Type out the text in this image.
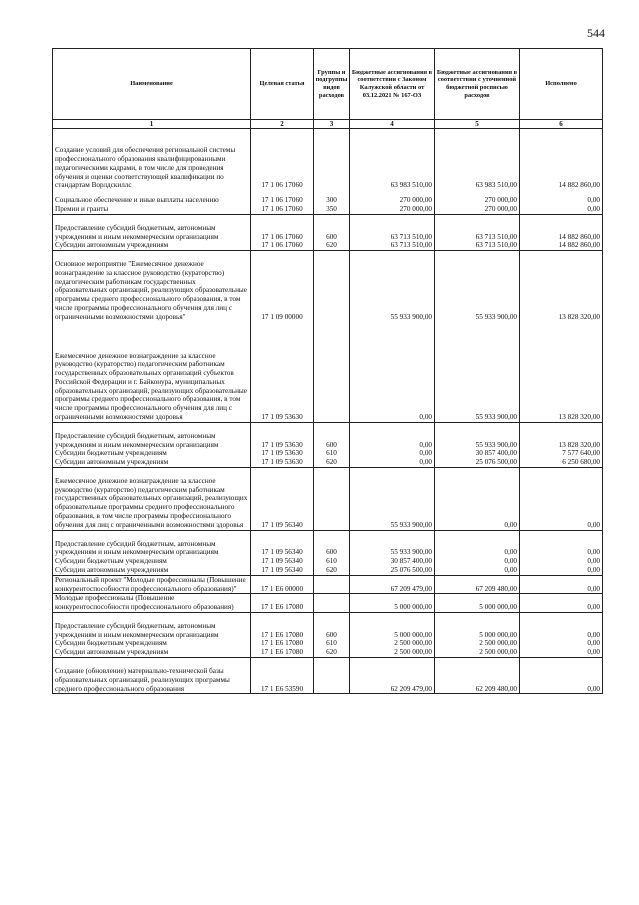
544
Наименование	Целевая статья	Группы и подгруппы видов расходов	Бюджетные ассигнования в соответствии с Законом Калужской области от 03.12.2021 № 167-ОЗ	Бюджетные ассигнования в соответствии с уточненной бюджетной росписью расходов	Исполнено
1	2	3	4	5	6

Создание условий для обеспечения региональной системы профессионального образования квалифицированными педагогическими кадрами, в том числе для проведения обучения и оценки соответствующей квалификации по стандартам Ворлдскиллс	17 1 06 17060		63 983 510,00	63 983 510,00	14 882 860,00

Социальное обеспечение и иные выплаты населению	17 1 06 17060	300	270 000,00	270 000,00	0,00
Премии и гранты	17 1 06 17060	350	270 000,00	270 000,00	0,00

Предоставление субсидий бюджетным, автономным учреждениям и иным некоммерческим организациям	17 1 06 17060	600	63 713 510,00	63 713 510,00	14 882 860,00
Субсидии автономным учреждениям	17 1 06 17060	620	63 713 510,00	63 713 510,00	14 882 860,00

Основное мероприятие "Ежемесячное денежное вознаграждение за классное руководство (кураторство) педагогическим работникам государственных образовательных организаций, реализующих образовательные программы среднего профессионального образования, в том числе программы профессионального обучения для лиц с ограниченными возможностями здоровья"	17 1 09 00000		55 933 900,00	55 933 900,00	13 828 320,00

Ежемесячное денежное вознаграждение за классное руководство (кураторство) педагогическим работникам государственных образовательных организаций субъектов Российской Федерации и г. Байконура, муниципальных образовательных организаций, реализующих образовательные программы среднего профессионального образования, в том числе программы профессионального обучения для лиц с ограниченными возможностями здоровья	17 1 09 53630		0,00	55 933 900,00	13 828 320,00

Предоставление субсидий бюджетным, автономным учреждениям и иным некоммерческим организациям	17 1 09 53630	600	0,00	55 933 900,00	13 828 320,00
Субсидии бюджетным учреждениям	17 1 09 53630	610	0,00	30 857 400,00	7 577 640,00
Субсидии автономным учреждениям	17 1 09 53630	620	0,00	25 076 500,00	6 250 680,00

Ежемесячное денежное вознаграждение за классное руководство (кураторство) педагогическим работникам государственных образовательных организаций, реализующих образовательные программы среднего профессионального образования, в том числе программы профессионального обучения для лиц с ограниченными возможностями здоровья	17 1 09 56340		55 933 900,00	0,00	0,00

Предоставление субсидий бюджетным, автономным учреждениям и иным некоммерческим организациям	17 1 09 56340	600	55 933 900,00	0,00	0,00
Субсидии бюджетным учреждениям	17 1 09 56340	610	30 857 400,00	0,00	0,00
Субсидии автономным учреждениям	17 1 09 56340	620	25 076 500,00	0,00	0,00
Региональный проект "Молодые профессионалы (Повышение конкурентоспособности профессионального образования)"	17 1 E6 00000		67 209 479,00	67 209 480,00	0,00
Молодые профессионалы (Повышение конкурентоспособности профессионального образования)	17 1 E6 17080		5 000 000,00	5 000 000,00	0,00

Предоставление субсидий бюджетным, автономным учреждениям и иным некоммерческим организациям	17 1 E6 17080	600	5 000 000,00	5 000 000,00	0,00
Субсидии бюджетным учреждениям	17 1 E6 17080	610	2 500 000,00	2 500 000,00	0,00
Субсидии автономным учреждениям	17 1 E6 17080	620	2 500 000,00	2 500 000,00	0,00

Создание (обновление) материально-технической базы образовательных организаций, реализующих программы среднего профессионального образования	17 1 E6 53590		62 209 479,00	62 209 480,00	0,00
